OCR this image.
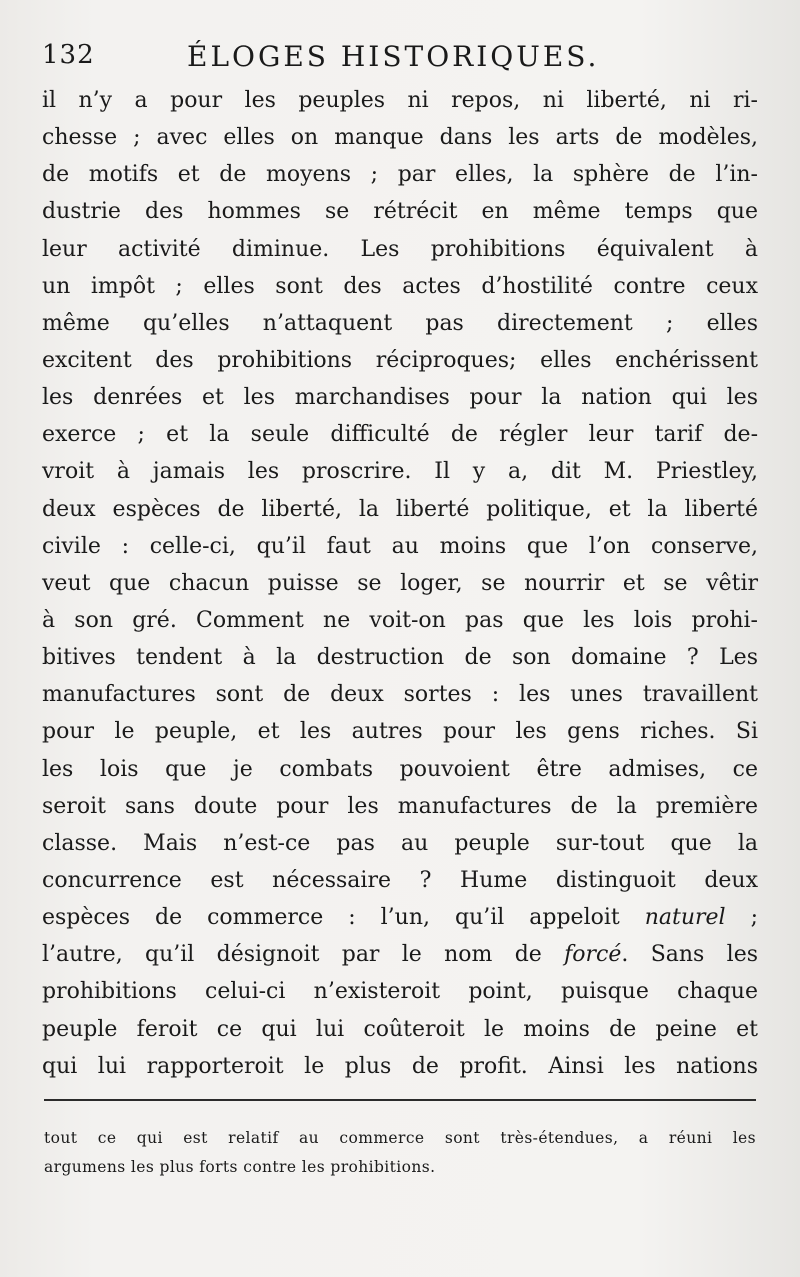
132	ÉLOGES HISTORIQUES.
il n’y a pour les peuples ni repos, ni liberté, ni ri-
chesse ; avec elles on manque dans les arts de modèles,
de motifs et de moyens ; par elles, la sphère de l’in-
dustrie des hommes se rétrécit en même temps que
leur activité diminue. Les prohibitions équivalent à
un impôt ; elles sont des actes d’hostilité contre ceux
même qu’elles n’attaquent pas directement ; elles
excitent des prohibitions réciproques; elles enchérissent
les denrées et les marchandises pour la nation qui les
exerce ; et la seule difficulté de régler leur tarif de-
vroit à jamais les proscrire. Il y a, dit M. Priestley,
deux espèces de liberté, la liberté politique, et la liberté
civile : celle-ci, qu’il faut au moins que l’on conserve,
veut que chacun puisse se loger, se nourrir et se vêtir
à son gré. Comment ne voit-on pas que les lois prohi-
bitives tendent à la destruction de son domaine ? Les
manufactures sont de deux sortes : les unes travaillent
pour le peuple, et les autres pour les gens riches. Si
les lois que je combats pouvoient être admises, ce
seroit sans doute pour les manufactures de la première
classe. Mais n’est-ce pas au peuple sur-tout que la
concurrence est nécessaire ? Hume distinguoit deux
espèces de commerce : l’un, qu’il appeloit naturel ;
l’autre, qu’il désignoit par le nom de forcé. Sans les
prohibitions celui-ci n’existeroit point, puisque chaque
peuple feroit ce qui lui coûteroit le moins de peine et
qui lui rapporteroit le plus de profit. Ainsi les nations
tout ce qui est relatif au commerce sont très-étendues, a réuni les
argumens les plus forts contre les prohibitions.
